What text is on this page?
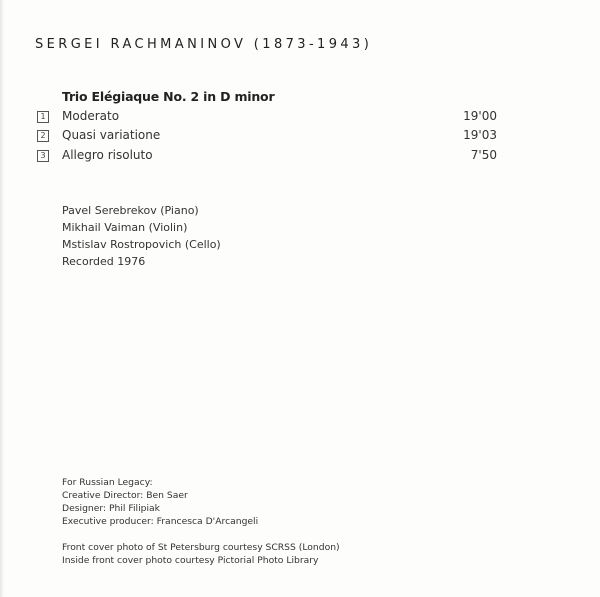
SERGEI RACHMANINOV (1873-1943)
Trio Elégiaque No. 2 in D minor
1 Moderato	19'00
2 Quasi variatione	19'03
3 Allegro risoluto	7'50
Pavel Serebrekov (Piano)
Mikhail Vaiman (Violin)
Mstislav Rostropovich (Cello)
Recorded 1976
For Russian Legacy:
Creative Director: Ben Saer
Designer: Phil Filipiak
Executive producer: Francesca D'Arcangeli
Front cover photo of St Petersburg courtesy SCRSS (London)
Inside front cover photo courtesy Pictorial Photo Library
